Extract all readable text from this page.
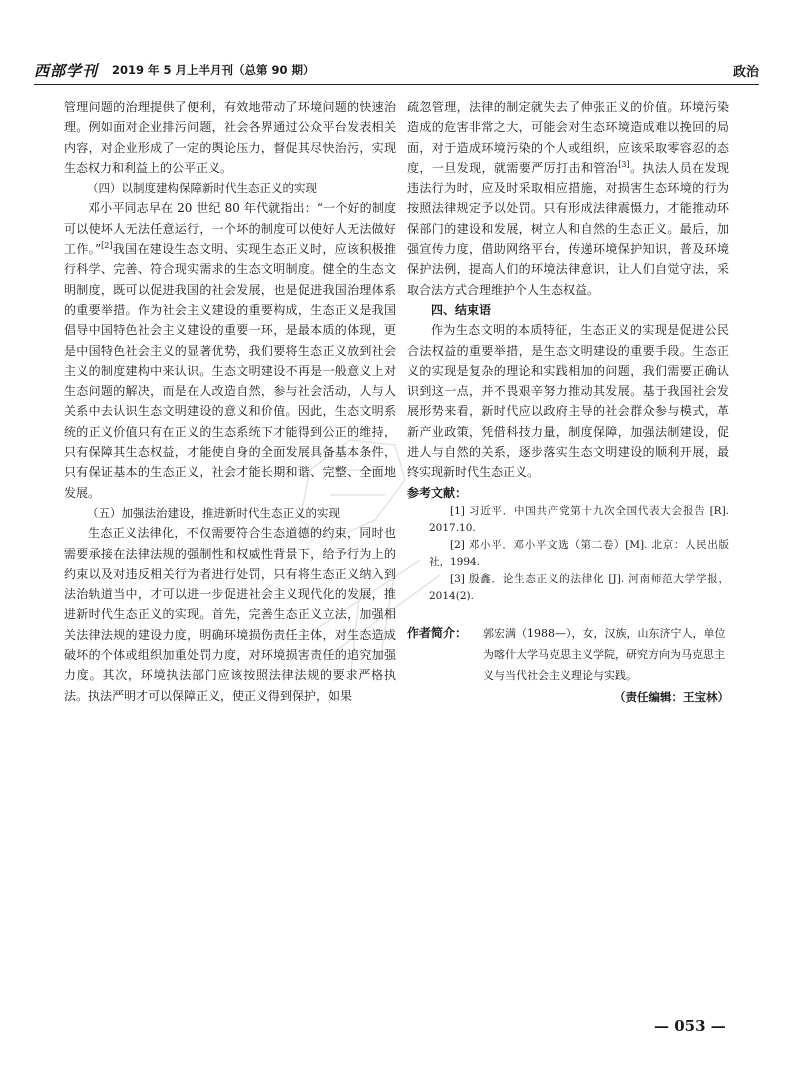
西部学刊 2019 年 5 月上半月刊（总第 90 期）	政治

管理问题的治理提供了便利，有效地带动了环境问题的快速治理。例如面对企业排污问题，社会各界通过公众平台发表相关内容，对企业形成了一定的舆论压力，督促其尽快治污，实现生态权力和利益上的公平正义。

（四）以制度建构保障新时代生态正义的实现

邓小平同志早在 20 世纪 80 年代就指出：“一个好的制度可以使坏人无法任意运行，一个坏的制度可以使好人无法做好工作。”[2]我国在建设生态文明、实现生态正义时，应该积极推行科学、完善、符合现实需求的生态文明制度。健全的生态文明制度，既可以促进我国的社会发展，也是促进我国治理体系的重要举措。作为社会主义建设的重要构成，生态正义是我国倡导中国特色社会主义建设的重要一环，是最本质的体现，更是中国特色社会主义的显著优势，我们要将生态正义放到社会主义的制度建构中来认识。生态文明建设不再是一般意义上对生态问题的解决，而是在人改造自然，参与社会活动，人与人关系中去认识生态文明建设的意义和价值。因此，生态文明系统的正义价值只有在正义的生态系统下才能得到公正的维持，只有保障其生态权益，才能使自身的全面发展具备基本条件，只有保证基本的生态正义，社会才能长期和谐、完整、全面地发展。

（五）加强法治建设，推进新时代生态正义的实现

生态正义法律化，不仅需要符合生态道德的约束，同时也需要承接在法律法规的强制性和权威性背景下，给予行为上的约束以及对违反相关行为者进行处罚，只有将生态正义纳入到法治轨道当中，才可以进一步促进社会主义现代化的发展，推进新时代生态正义的实现。首先，完善生态正义立法，加强相关法律法规的建设力度，明确环境损伤责任主体，对生态造成破坏的个体或组织加重处罚力度，对环境损害责任的追究加强力度。其次，环境执法部门应该按照法律法规的要求严格执法。执法严明才可以保障正义，使正义得到保护，如果

疏忽管理，法律的制定就失去了伸张正义的价值。环境污染造成的危害非常之大，可能会对生态环境造成难以挽回的局面，对于造成环境污染的个人或组织，应该采取零容忍的态度，一旦发现，就需要严厉打击和管治[3]。执法人员在发现违法行为时，应及时采取相应措施，对损害生态环境的行为按照法律规定予以处罚。只有形成法律震慑力，才能推动环保部门的建设和发展，树立人和自然的生态正义。最后，加强宣传力度，借助网络平台，传递环境保护知识，普及环境保护法例，提高人们的环境法律意识，让人们自觉守法，采取合法方式合理维护个人生态权益。

四、结束语

作为生态文明的本质特征，生态正义的实现是促进公民合法权益的重要举措，是生态文明建设的重要手段。生态正义的实现是复杂的理论和实践相加的问题，我们需要正确认识到这一点，并不畏艰辛努力推动其发展。基于我国社会发展形势来看，新时代应以政府主导的社会群众参与模式，革新产业政策，凭借科技力量，制度保障，加强法制建设，促进人与自然的关系，逐步落实生态文明建设的顺利开展，最终实现新时代生态正义。

参考文献：

[1] 习近平．中国共产党第十九次全国代表大会报告 [R]. 2017.10.

[2] 邓小平．邓小平文选（第二卷）[M]. 北京：人民出版社，1994.

[3] 殷鑫．论生态正义的法律化 [J]. 河南师范大学学报，2014(2).

作者简介： 郭宏满（1988—），女，汉族，山东济宁人，单位为喀什大学马克思主义学院，研究方向为马克思主义与当代社会主义理论与实践。
（责任编辑：王宝林）
— 053 —
